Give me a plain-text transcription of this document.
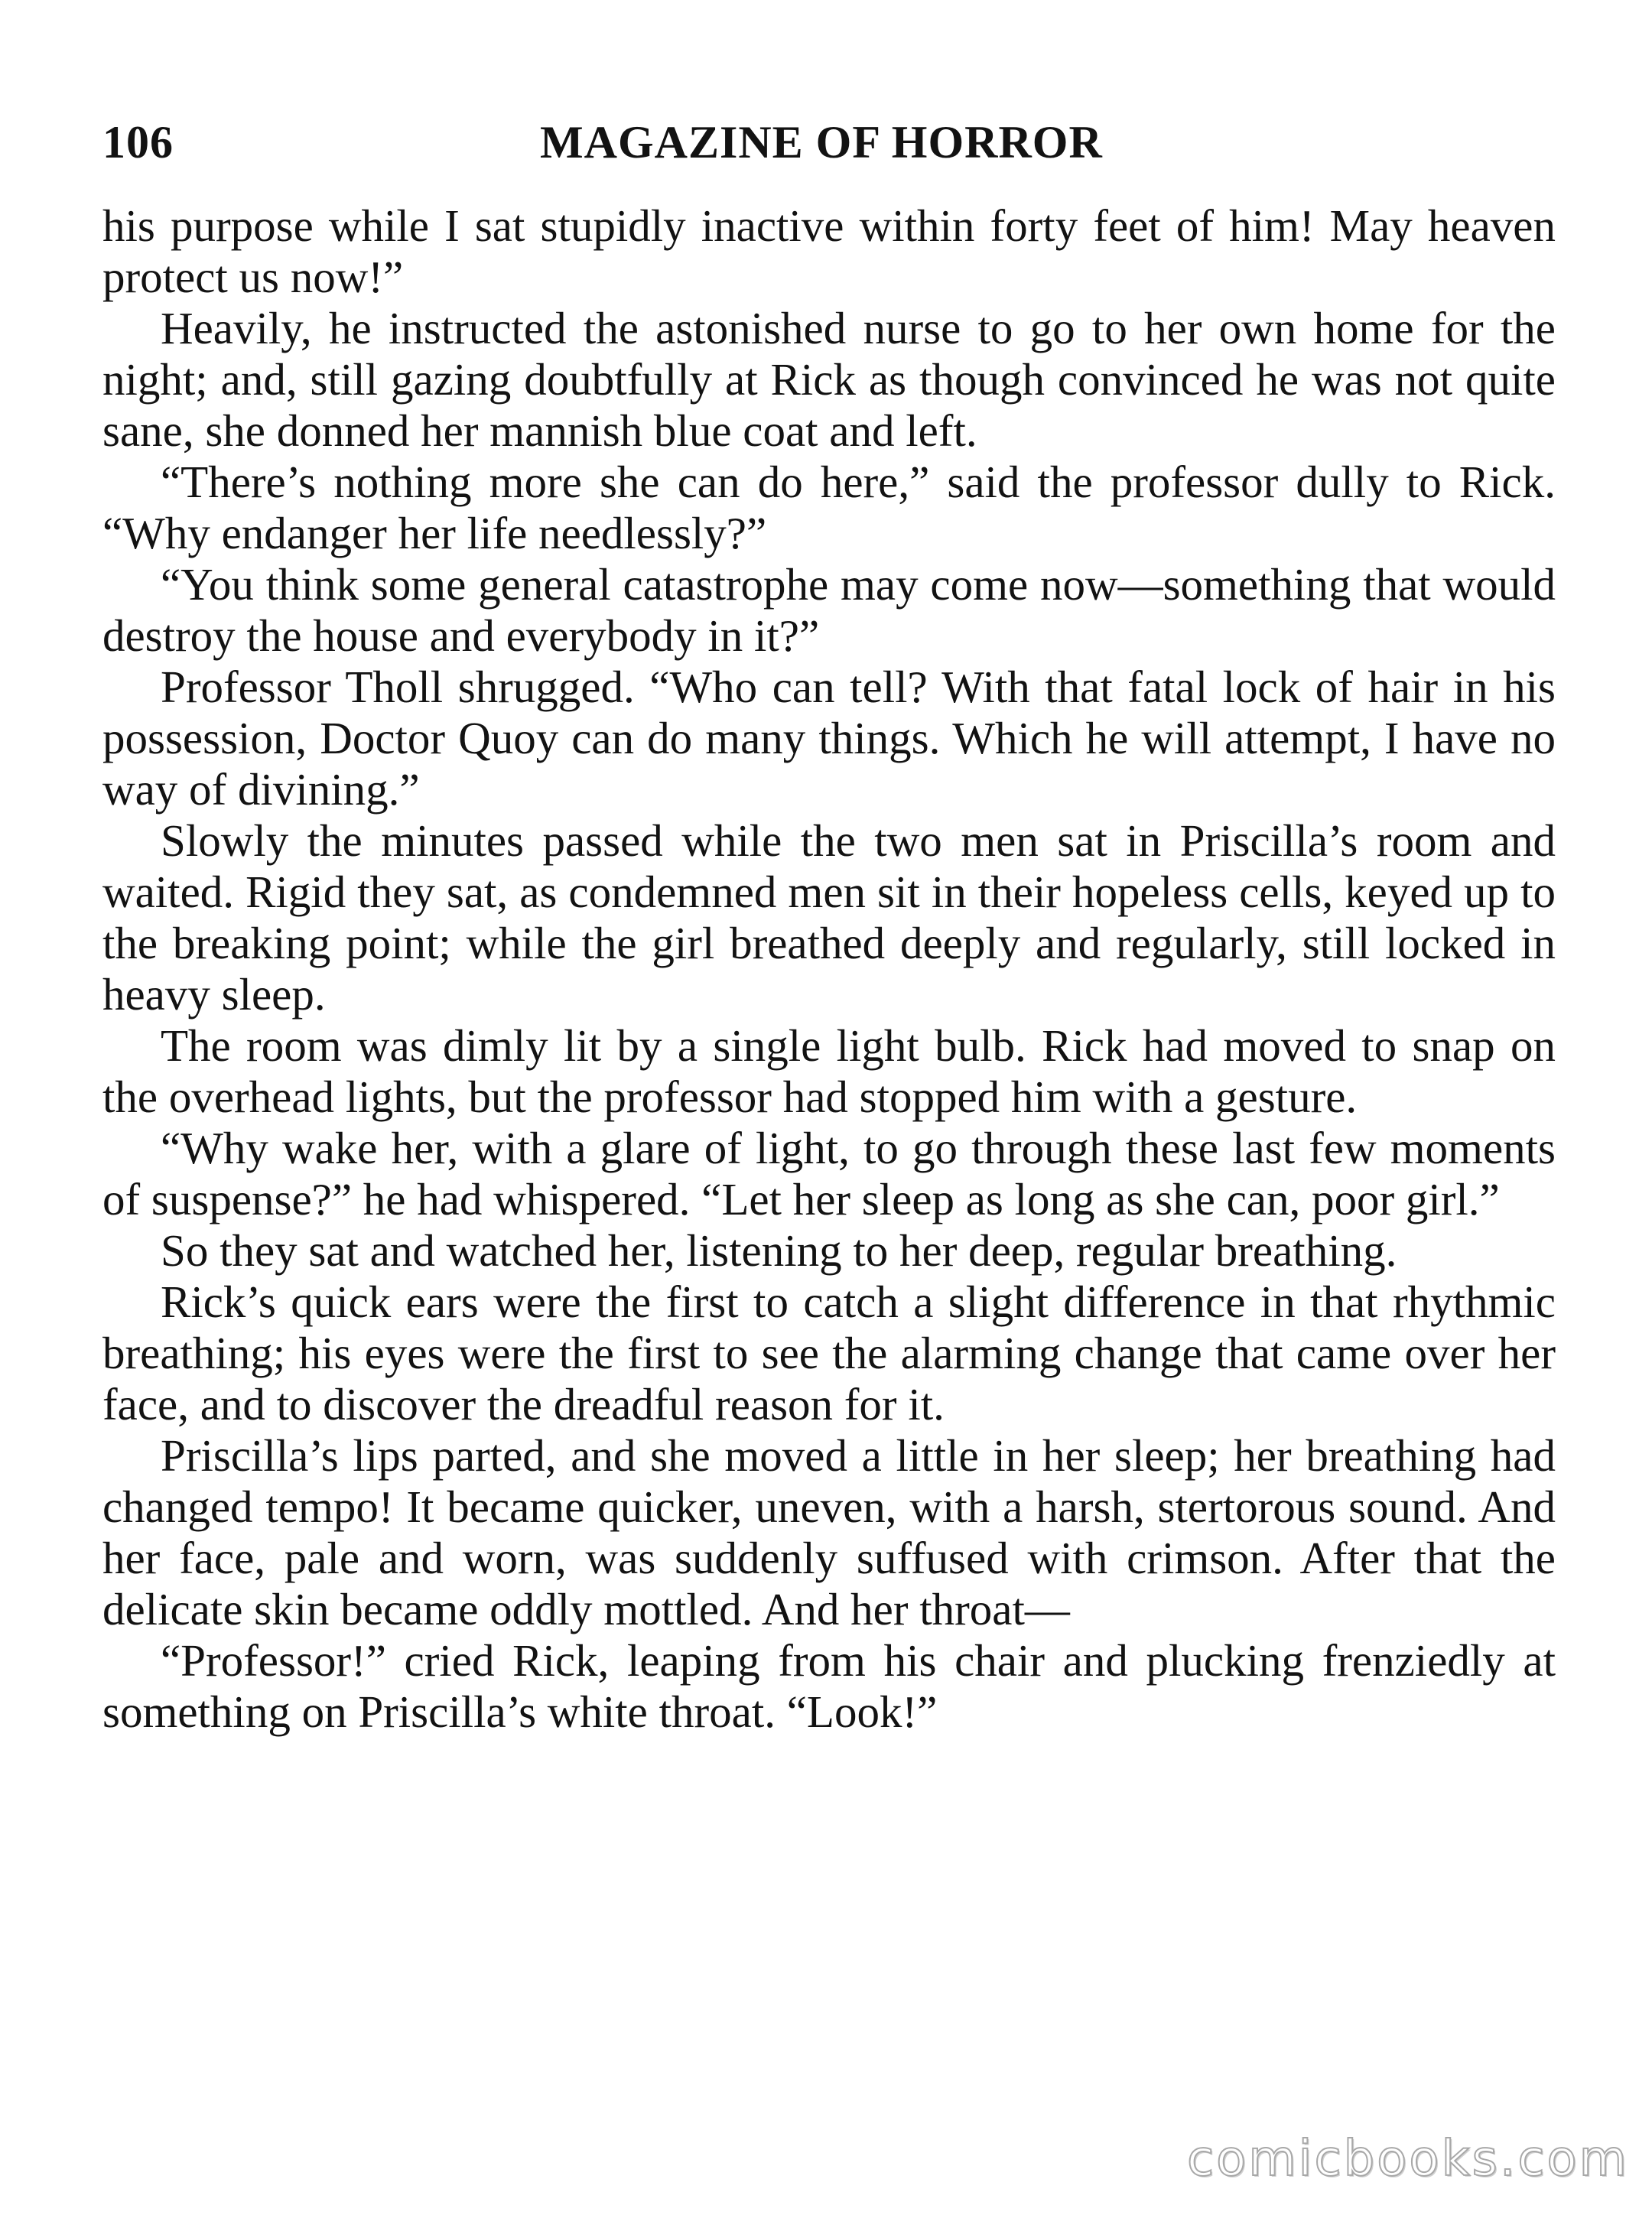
106	MAGAZINE OF HORROR

his purpose while I sat stupidly inactive within forty feet of him! May heaven protect us now!”

Heavily, he instructed the astonished nurse to go to her own home for the night; and, still gazing doubtfully at Rick as though convinced he was not quite sane, she donned her mannish blue coat and left.

“There’s nothing more she can do here,” said the professor dully to Rick. “Why endanger her life needlessly?”

“You think some general catastrophe may come now—something that would destroy the house and everybody in it?”

Professor Tholl shrugged. “Who can tell? With that fatal lock of hair in his possession, Doctor Quoy can do many things. Which he will attempt, I have no way of divining.”

Slowly the minutes passed while the two men sat in Priscilla’s room and waited. Rigid they sat, as condemned men sit in their hopeless cells, keyed up to the breaking point; while the girl breathed deeply and regularly, still locked in heavy sleep.

The room was dimly lit by a single light bulb. Rick had moved to snap on the overhead lights, but the professor had stopped him with a gesture.

“Why wake her, with a glare of light, to go through these last few moments of suspense?” he had whispered. “Let her sleep as long as she can, poor girl.”

So they sat and watched her, listening to her deep, regular breathing.

Rick’s quick ears were the first to catch a slight difference in that rhythmic breathing; his eyes were the first to see the alarming change that came over her face, and to discover the dreadful reason for it.

Priscilla’s lips parted, and she moved a little in her sleep; her breathing had changed tempo! It became quicker, uneven, with a harsh, stertorous sound. And her face, pale and worn, was suddenly suffused with crimson. After that the delicate skin became oddly mottled. And her throat—

“Professor!” cried Rick, leaping from his chair and plucking frenziedly at something on Priscilla’s white throat. “Look!”

comicbooks.com
